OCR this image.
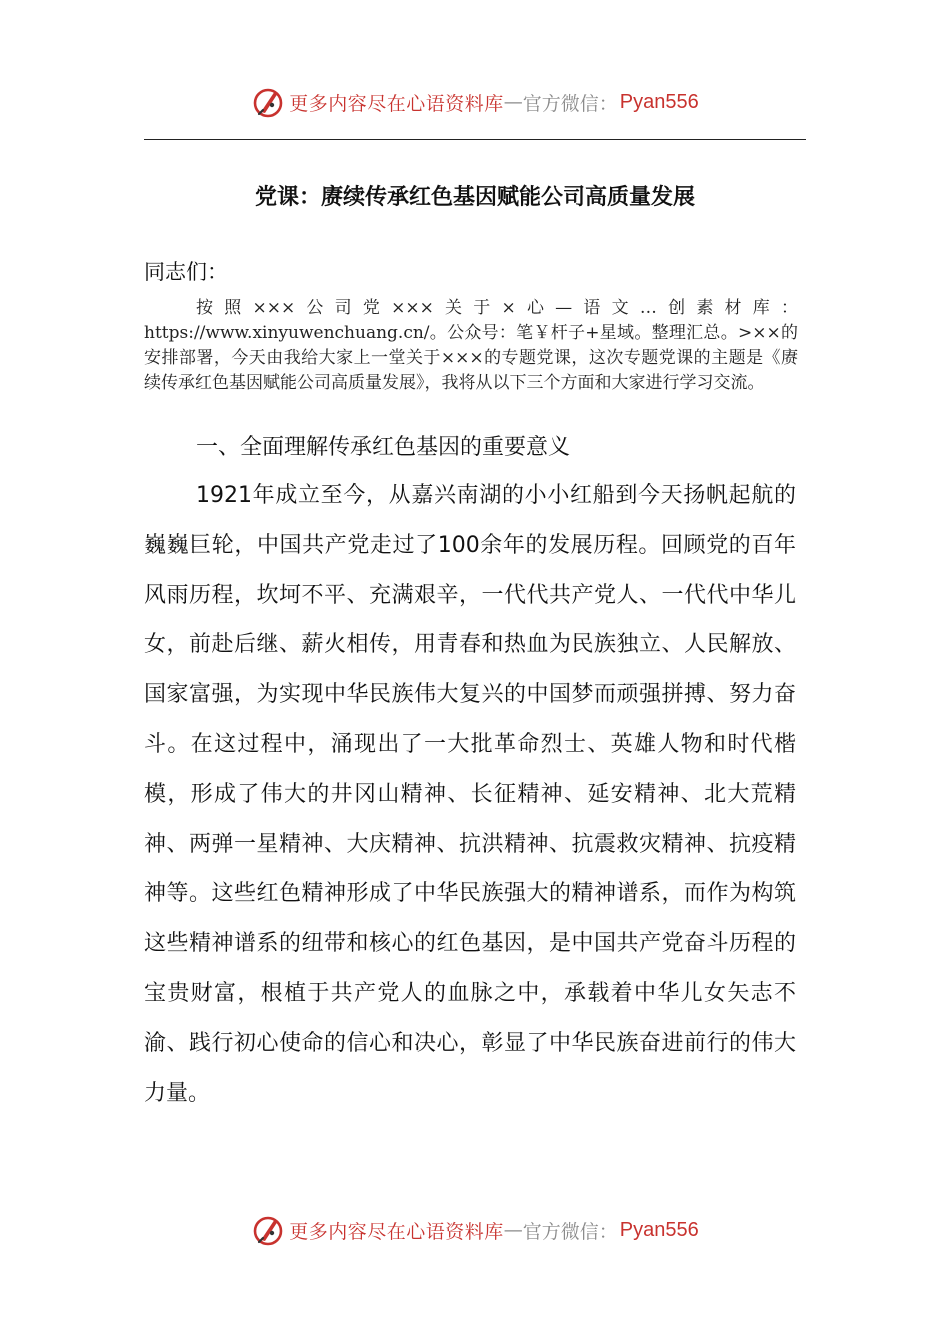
更多内容尽在心语资料库 — 官方微信： Pyan556
党课：赓续传承红色基因赋能公司高质量发展
同志们：

按照×××公司党×××关于×心—语文…创素材库：https://www.xinyuwenchuang.cn/。公众号：笔￥杆子+星域。整理汇总。>××的安排部署，今天由我给大家上一堂关于×××的专题党课，这次专题党课的主题是《赓续传承红色基因赋能公司高质量发展》，我将从以下三个方面和大家进行学习交流。

一、全面理解传承红色基因的重要意义

1921年成立至今，从嘉兴南湖的小小红船到今天扬帆起航的巍巍巨轮，中国共产党走过了100余年的发展历程。回顾党的百年风雨历程，坎坷不平、充满艰辛，一代代共产党人、一代代中华儿女，前赴后继、薪火相传，用青春和热血为民族独立、人民解放、国家富强，为实现中华民族伟大复兴的中国梦而顽强拼搏、努力奋斗。在这过程中，涌现出了一大批革命烈士、英雄人物和时代楷模，形成了伟大的井冈山精神、长征精神、延安精神、北大荒精神、两弹一星精神、大庆精神、抗洪精神、抗震救灾精神、抗疫精神等。这些红色精神形成了中华民族强大的精神谱系，而作为构筑这些精神谱系的纽带和核心的红色基因，是中国共产党奋斗历程的宝贵财富，根植于共产党人的血脉之中，承载着中华儿女矢志不渝、践行初心使命的信心和决心，彰显了中华民族奋进前行的伟大力量。

更多内容尽在心语资料库 — 官方微信： Pyan556
